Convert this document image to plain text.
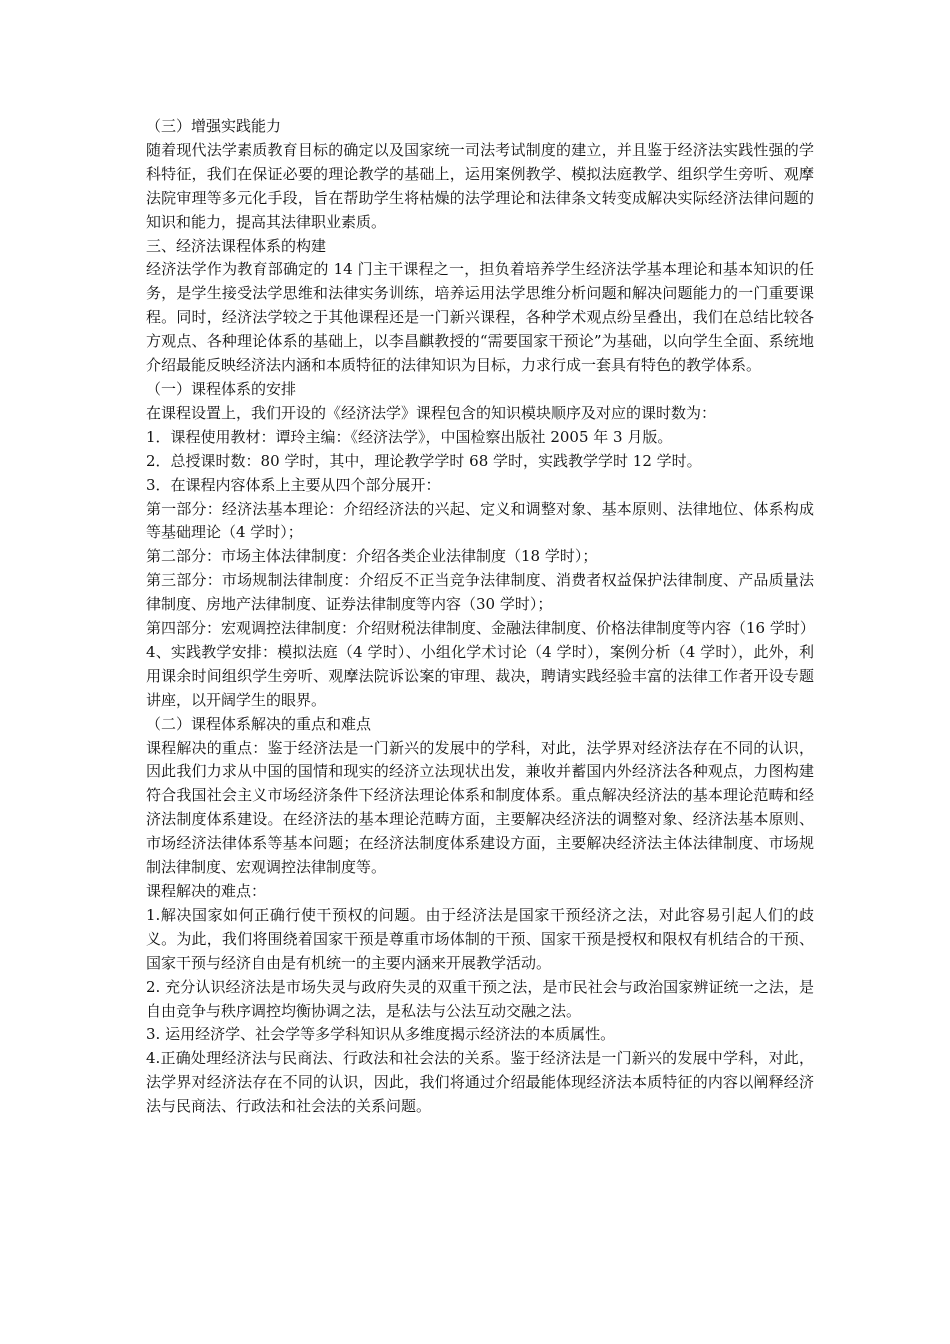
（三）增强实践能力

随着现代法学素质教育目标的确定以及国家统一司法考试制度的建立，并且鉴于经济法实践性强的学科特征，我们在保证必要的理论教学的基础上，运用案例教学、模拟法庭教学、组织学生旁听、观摩法院审理等多元化手段，旨在帮助学生将枯燥的法学理论和法律条文转变成解决实际经济法律问题的知识和能力，提高其法律职业素质。

三、经济法课程体系的构建

经济法学作为教育部确定的 14 门主干课程之一，担负着培养学生经济法学基本理论和基本知识的任务，是学生接受法学思维和法律实务训练，培养运用法学思维分析问题和解决问题能力的一门重要课程。同时，经济法学较之于其他课程还是一门新兴课程，各种学术观点纷呈叠出，我们在总结比较各方观点、各种理论体系的基础上，以李昌麒教授的“需要国家干预论”为基础，以向学生全面、系统地介绍最能反映经济法内涵和本质特征的法律知识为目标，力求行成一套具有特色的教学体系。

（一）课程体系的安排

在课程设置上，我们开设的《经济法学》课程包含的知识模块顺序及对应的课时数为：

1．课程使用教材：谭玲主编：《经济法学》，中国检察出版社 2005 年 3 月版。

2．总授课时数：80 学时，其中，理论教学学时 68 学时，实践教学学时 12 学时。

3．在课程内容体系上主要从四个部分展开：

第一部分：经济法基本理论：介绍经济法的兴起、定义和调整对象、基本原则、法律地位、体系构成等基础理论（4 学时）；

第二部分：市场主体法律制度：介绍各类企业法律制度（18 学时）；

第三部分：市场规制法律制度：介绍反不正当竞争法律制度、消费者权益保护法律制度、产品质量法律制度、房地产法律制度、证券法律制度等内容（30 学时）；

第四部分：宏观调控法律制度：介绍财税法律制度、金融法律制度、价格法律制度等内容（16 学时）

4、实践教学安排：模拟法庭（4 学时）、小组化学术讨论（4 学时），案例分析（4 学时），此外，利用课余时间组织学生旁听、观摩法院诉讼案的审理、裁决，聘请实践经验丰富的法律工作者开设专题讲座，以开阔学生的眼界。

（二）课程体系解决的重点和难点

课程解决的重点：鉴于经济法是一门新兴的发展中的学科，对此，法学界对经济法存在不同的认识，因此我们力求从中国的国情和现实的经济立法现状出发，兼收并蓄国内外经济法各种观点，力图构建符合我国社会主义市场经济条件下经济法理论体系和制度体系。重点解决经济法的基本理论范畴和经济法制度体系建设。在经济法的基本理论范畴方面，主要解决经济法的调整对象、经济法基本原则、市场经济法律体系等基本问题；在经济法制度体系建设方面，主要解决经济法主体法律制度、市场规制法律制度、宏观调控法律制度等。

课程解决的难点：

1.解决国家如何正确行使干预权的问题。由于经济法是国家干预经济之法，对此容易引起人们的歧义。为此，我们将围绕着国家干预是尊重市场体制的干预、国家干预是授权和限权有机结合的干预、国家干预与经济自由是有机统一的主要内涵来开展教学活动。

2. 充分认识经济法是市场失灵与政府失灵的双重干预之法，是市民社会与政治国家辨证统一之法，是自由竞争与秩序调控均衡协调之法，是私法与公法互动交融之法。

3. 运用经济学、社会学等多学科知识从多维度揭示经济法的本质属性。

4.正确处理经济法与民商法、行政法和社会法的关系。鉴于经济法是一门新兴的发展中学科，对此，法学界对经济法存在不同的认识，因此，我们将通过介绍最能体现经济法本质特征的内容以阐释经济法与民商法、行政法和社会法的关系问题。
